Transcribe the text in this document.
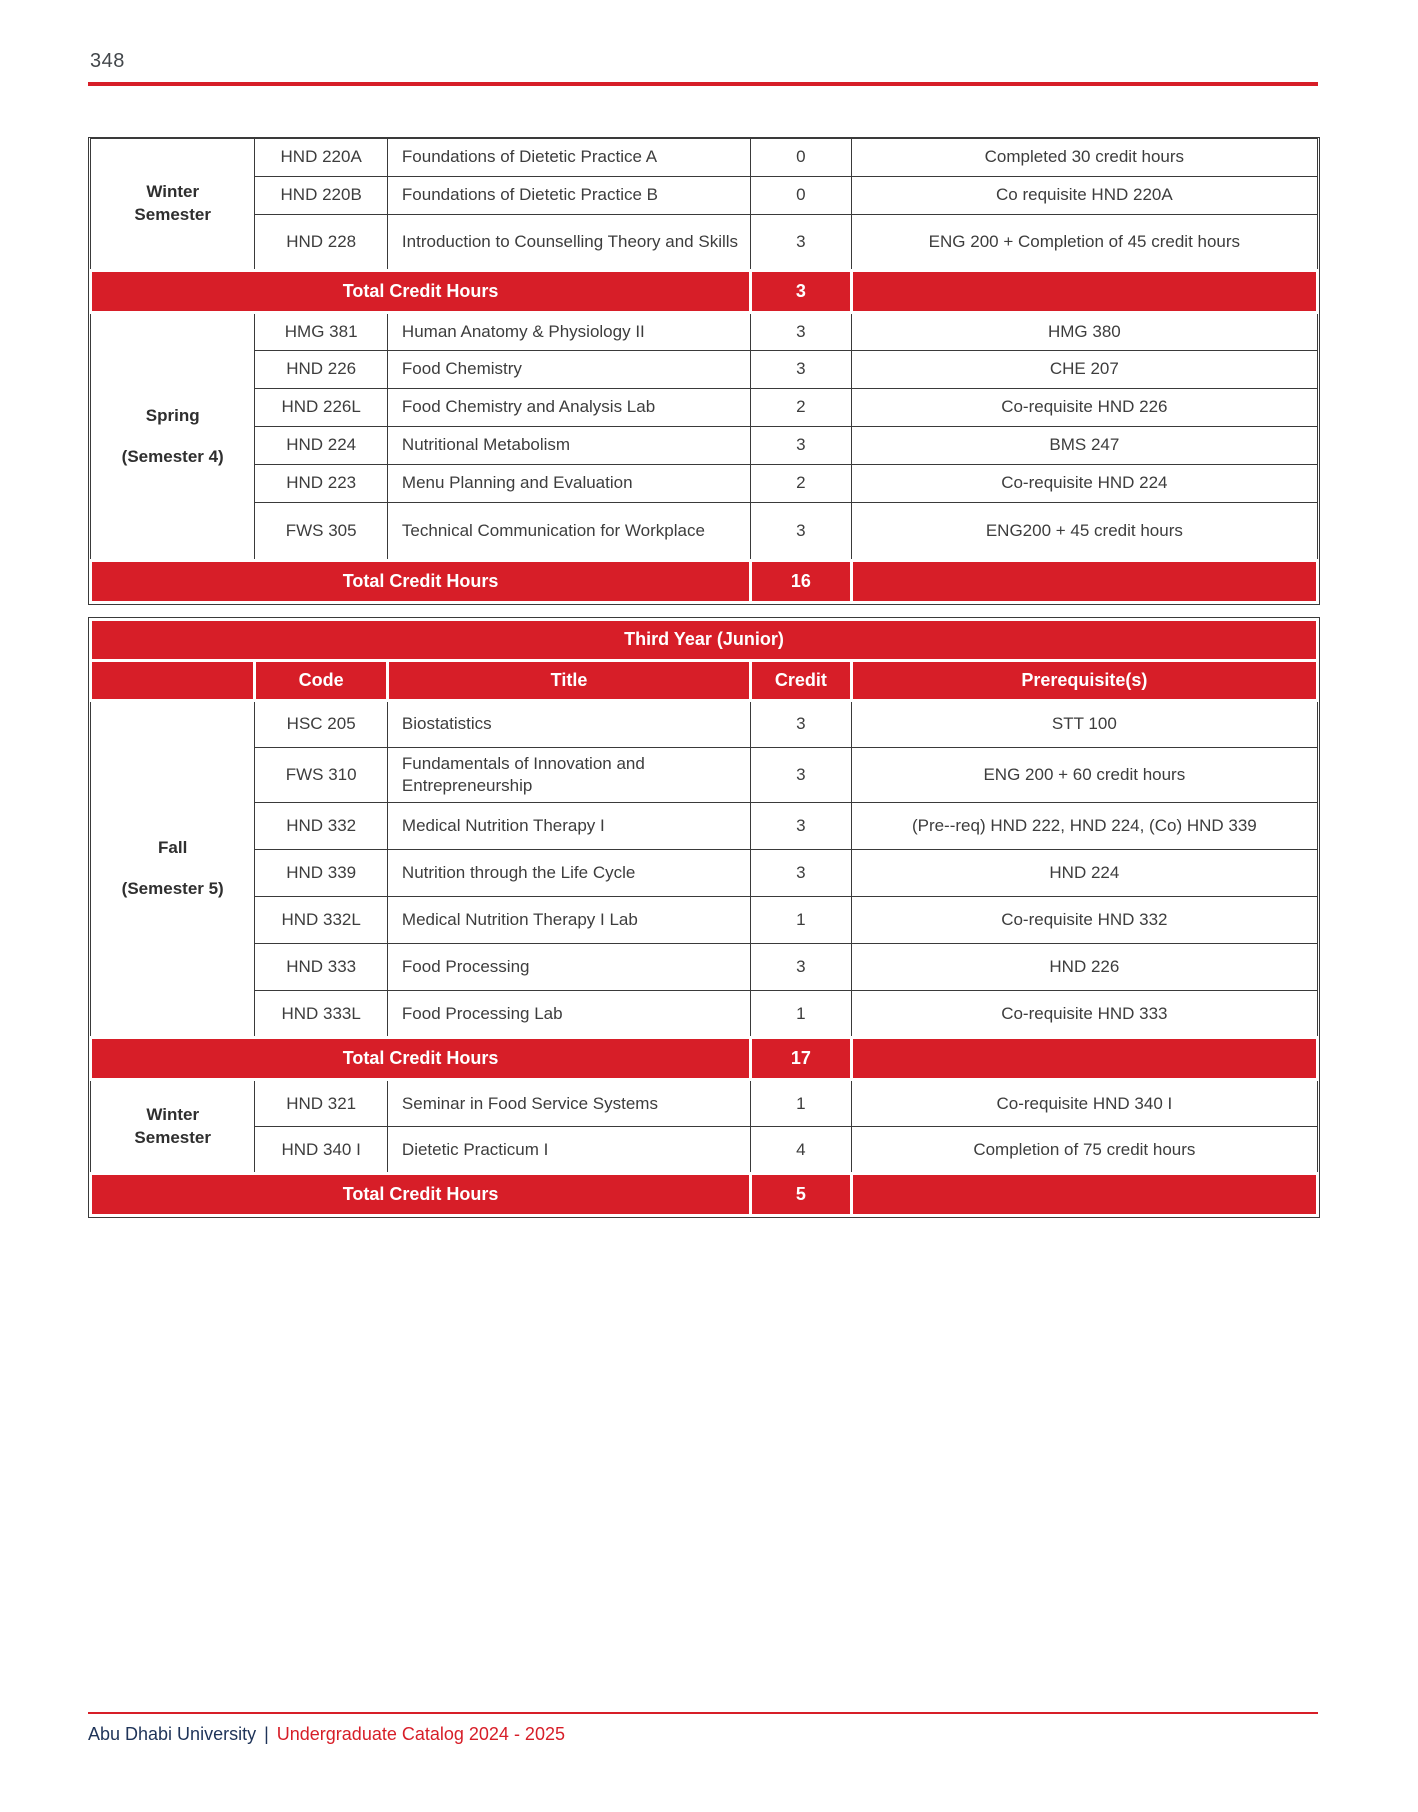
348
Winter
Semester	HND 220A	Foundations of Dietetic Practice A	0	Completed 30 credit hours
	HND 220B	Foundations of Dietetic Practice B	0	Co requisite HND 220A
	HND 228	Introduction to Counselling Theory and Skills	3	ENG 200 + Completion of 45 credit hours
Total Credit Hours			3	

Spring
(Semester 4)	HMG 381	Human Anatomy & Physiology II	3	HMG 380
	HND 226	Food Chemistry	3	CHE 207
	HND 226L	Food Chemistry and Analysis Lab	2	Co-requisite HND 226
	HND 224	Nutritional Metabolism	3	BMS 247
	HND 223	Menu Planning and Evaluation	2	Co-requisite HND 224
	FWS 305	Technical Communication for Workplace	3	ENG200 + 45 credit hours
Total Credit Hours			16	
Third Year (Junior)				
	Code	Title	Credit	Prerequisite(s)

Fall
(Semester 5)	HSC 205	Biostatistics	3	STT 100
	FWS 310	Fundamentals of Innovation and Entrepreneurship	3	ENG 200 + 60 credit hours
	HND 332	Medical Nutrition Therapy I	3	(Pre--req) HND 222, HND 224, (Co) HND 339
	HND 339	Nutrition through the Life Cycle	3	HND 224
	HND 332L	Medical Nutrition Therapy I Lab	1	Co-requisite HND 332
	HND 333	Food Processing	3	HND 226
	HND 333L	Food Processing Lab	1	Co-requisite HND 333
Total Credit Hours			17	

Winter
Semester	HND 321	Seminar in Food Service Systems	1	Co-requisite HND 340 I
	HND 340 I	Dietetic Practicum I	4	Completion of 75 credit hours
Total Credit Hours			5	
Abu Dhabi University | Undergraduate Catalog 2024 - 2025
